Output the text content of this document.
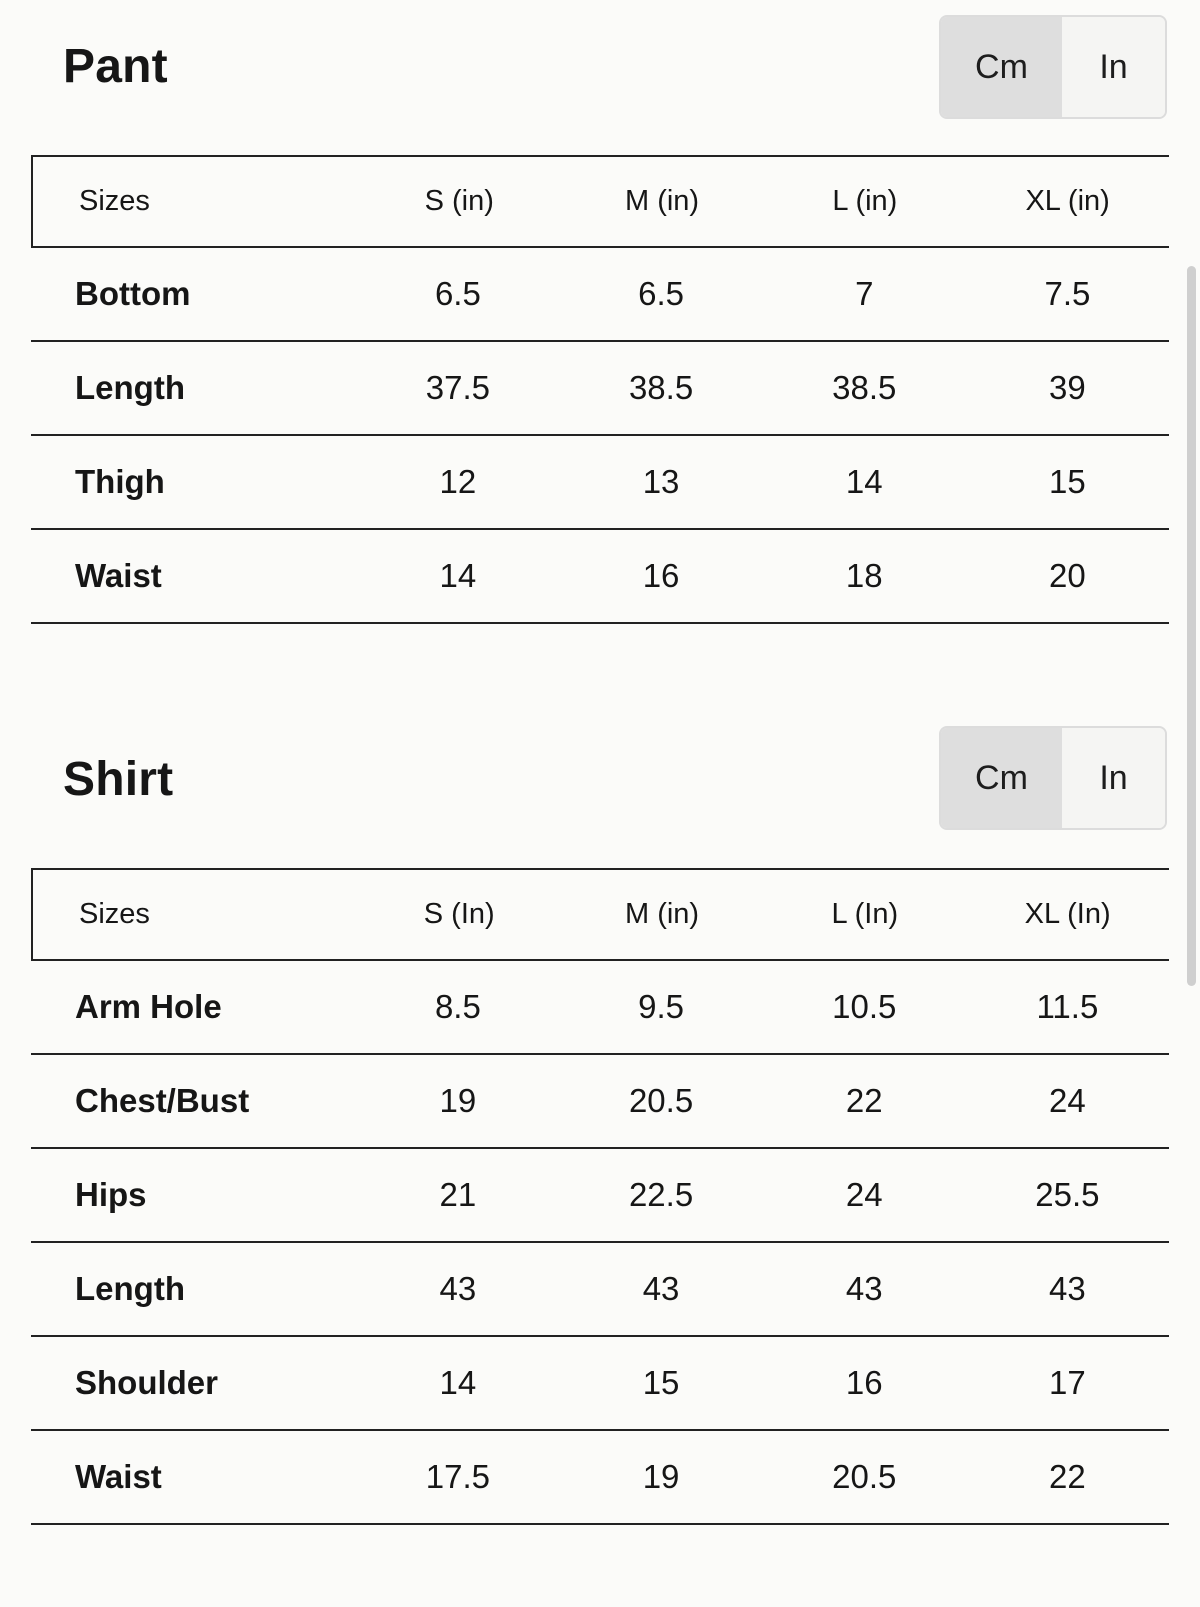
Pant	Cm	In
Sizes	S (in)	M (in)	L (in)	XL (in)
Bottom	6.5	6.5	7	7.5
Length	37.5	38.5	38.5	39
Thigh	12	13	14	15
Waist	14	16	18	20
Shirt	Cm	In
Sizes	S (In)	M (in)	L (In)	XL (In)
Arm Hole	8.5	9.5	10.5	11.5
Chest/Bust	19	20.5	22	24
Hips	21	22.5	24	25.5
Length	43	43	43	43
Shoulder	14	15	16	17
Waist	17.5	19	20.5	22
